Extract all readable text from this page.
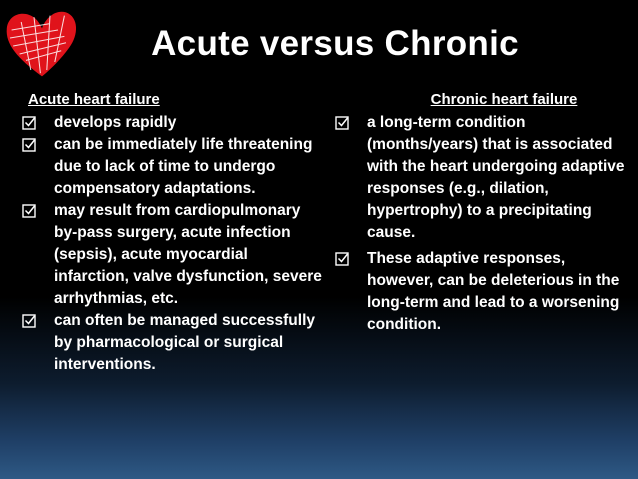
Acute versus Chronic
Acute heart failure
develops rapidly
can be immediately life threatening due to lack of time to undergo compensatory adaptations.
may result from cardiopulmonary by-pass surgery, acute infection (sepsis), acute myocardial infarction, valve dysfunction, severe arrhythmias, etc.
can often be managed successfully by pharmacological or surgical interventions.
Chronic heart failure
a long-term condition (months/years) that is associated with the heart undergoing adaptive responses (e.g., dilation, hypertrophy) to a precipitating cause.
These adaptive responses, however, can be deleterious in the long-term and lead to a worsening condition.
